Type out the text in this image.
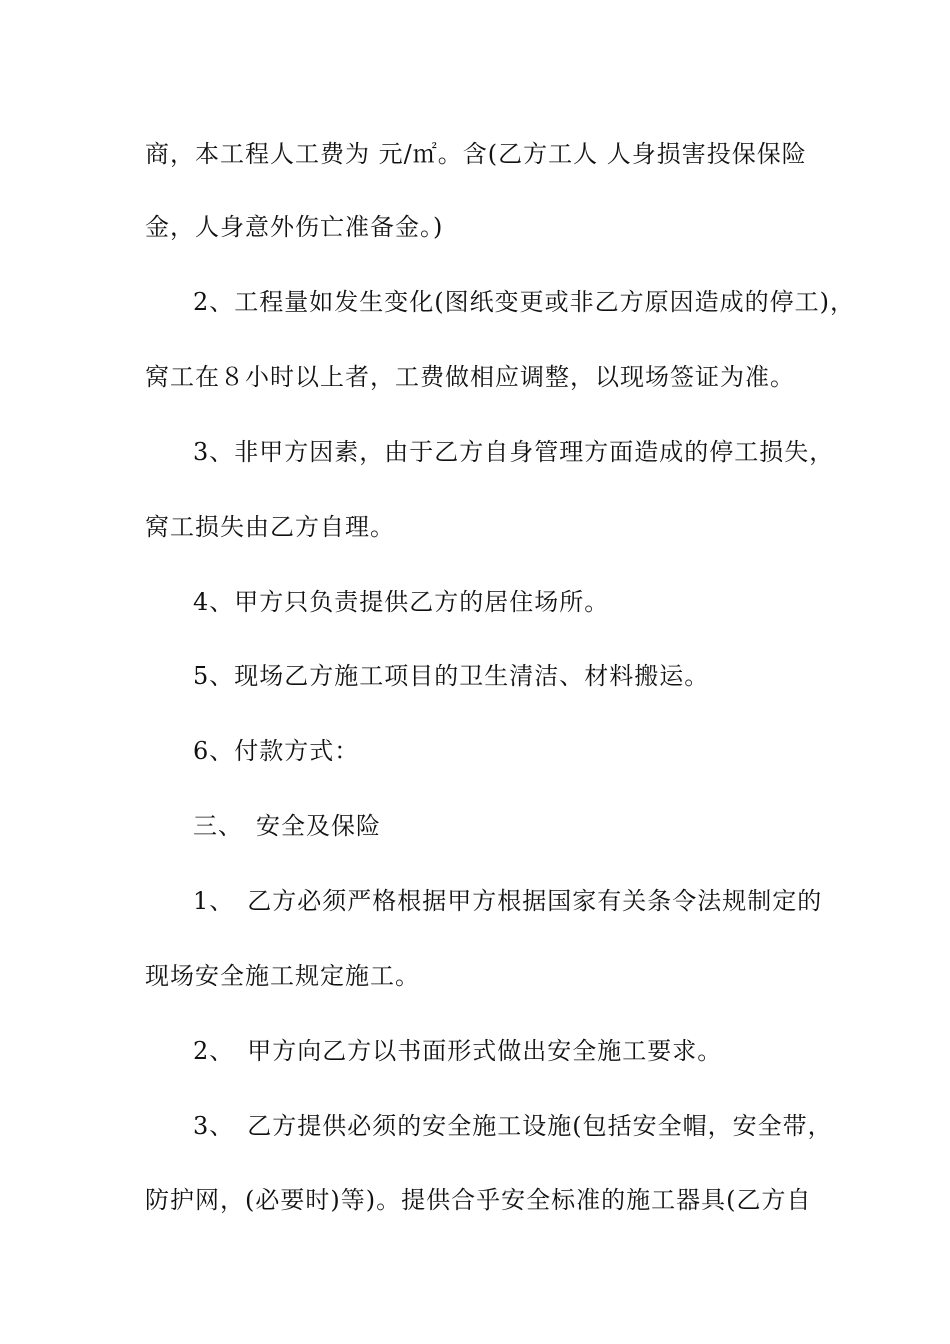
商，本工程人工费为 元/㎡。含(乙方工人 人身损害投保保险
金，人身意外伤亡准备金。)
2、工程量如发生变化(图纸变更或非乙方原因造成的停工)，
窝工在８小时以上者，工费做相应调整，以现场签证为准。
3、非甲方因素，由于乙方自身管理方面造成的停工损失，
窝工损失由乙方自理。
4、甲方只负责提供乙方的居住场所。
5、现场乙方施工项目的卫生清洁、材料搬运。
6、付款方式：
三、　安全及保险
1、　乙方必须严格根据甲方根据国家有关条令法规制定的
现场安全施工规定施工。
2、　甲方向乙方以书面形式做出安全施工要求。
3、　乙方提供必须的安全施工设施(包括安全帽，安全带，
防护网，(必要时)等)。提供合乎安全标准的施工器具(乙方自
